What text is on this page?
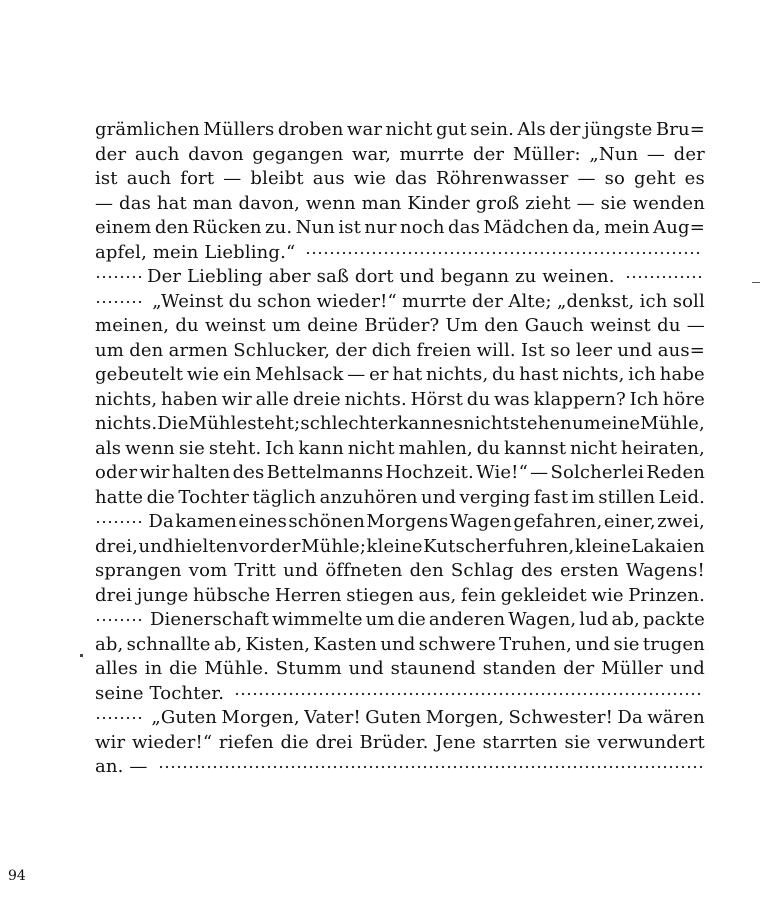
grämlichen Müllers droben war nicht gut sein. Als der jüngste Bru=
der auch davon gegangen war, murrte der Müller: „Nun — der
ist auch fort — bleibt aus wie das Röhrenwasser — so geht es
— das hat man davon, wenn man Kinder groß zieht — sie wenden
einem den Rücken zu. Nun ist nur noch das Mädchen da, mein Aug=
apfel, mein Liebling.“
Der Liebling aber saß dort und begann zu weinen.
„Weinst du schon wieder!“ murrte der Alte; „denkst, ich soll
meinen, du weinst um deine Brüder? Um den Gauch weinst du —
um den armen Schlucker, der dich freien will. Ist so leer und aus=
gebeutelt wie ein Mehlsack — er hat nichts, du hast nichts, ich habe
nichts, haben wir alle dreie nichts. Hörst du was klappern? Ich höre
nichts. Die Mühle steht; schlechter kann es nicht stehen um eine Mühle,
als wenn sie steht. Ich kann nicht mahlen, du kannst nicht heiraten,
oder wir halten des Bettelmanns Hochzeit. Wie!“ — Solcherlei Reden
hatte die Tochter täglich anzuhören und verging fast im stillen Leid.
Da kamen eines schönen Morgens Wagen gefahren, einer, zwei,
drei, und hielten vor der Mühle; kleine Kutscher fuhren, kleine Lakaien
sprangen vom Tritt und öffneten den Schlag des ersten Wagens!
drei junge hübsche Herren stiegen aus, fein gekleidet wie Prinzen.
Dienerschaft wimmelte um die anderen Wagen, lud ab, packte
ab, schnallte ab, Kisten, Kasten und schwere Truhen, und sie trugen
alles in die Mühle. Stumm und staunend standen der Müller und
seine Tochter.
„Guten Morgen, Vater! Guten Morgen, Schwester! Da wären
wir wieder!“ riefen die drei Brüder. Jene starrten sie verwundert
an. —
94
